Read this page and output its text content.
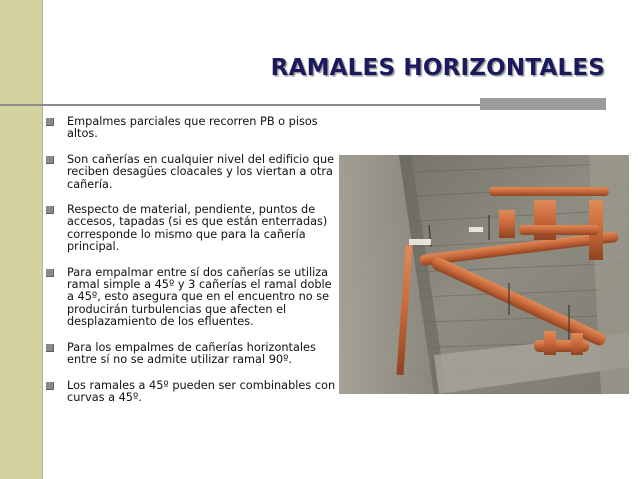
RAMALES HORIZONTALES
Empalmes parciales que recorren PB o pisos altos.
Son cañerías en cualquier nivel del edificio que reciben desagües cloacales y los viertan a otra cañería.
Respecto de material, pendiente, puntos de accesos, tapadas (si es que están enterradas) corresponde lo mismo que para la cañería principal.
Para empalmar entre sí dos cañerías se utiliza ramal simple a 45º y 3 cañerías el ramal doble a 45º, esto asegura que en el encuentro no se producirán turbulencias que afecten el desplazamiento de los efluentes.
Para los empalmes de cañerías horizontales entre sí no se admite utilizar ramal 90º.
Los ramales a 45º pueden ser combinables con curvas a 45º.
